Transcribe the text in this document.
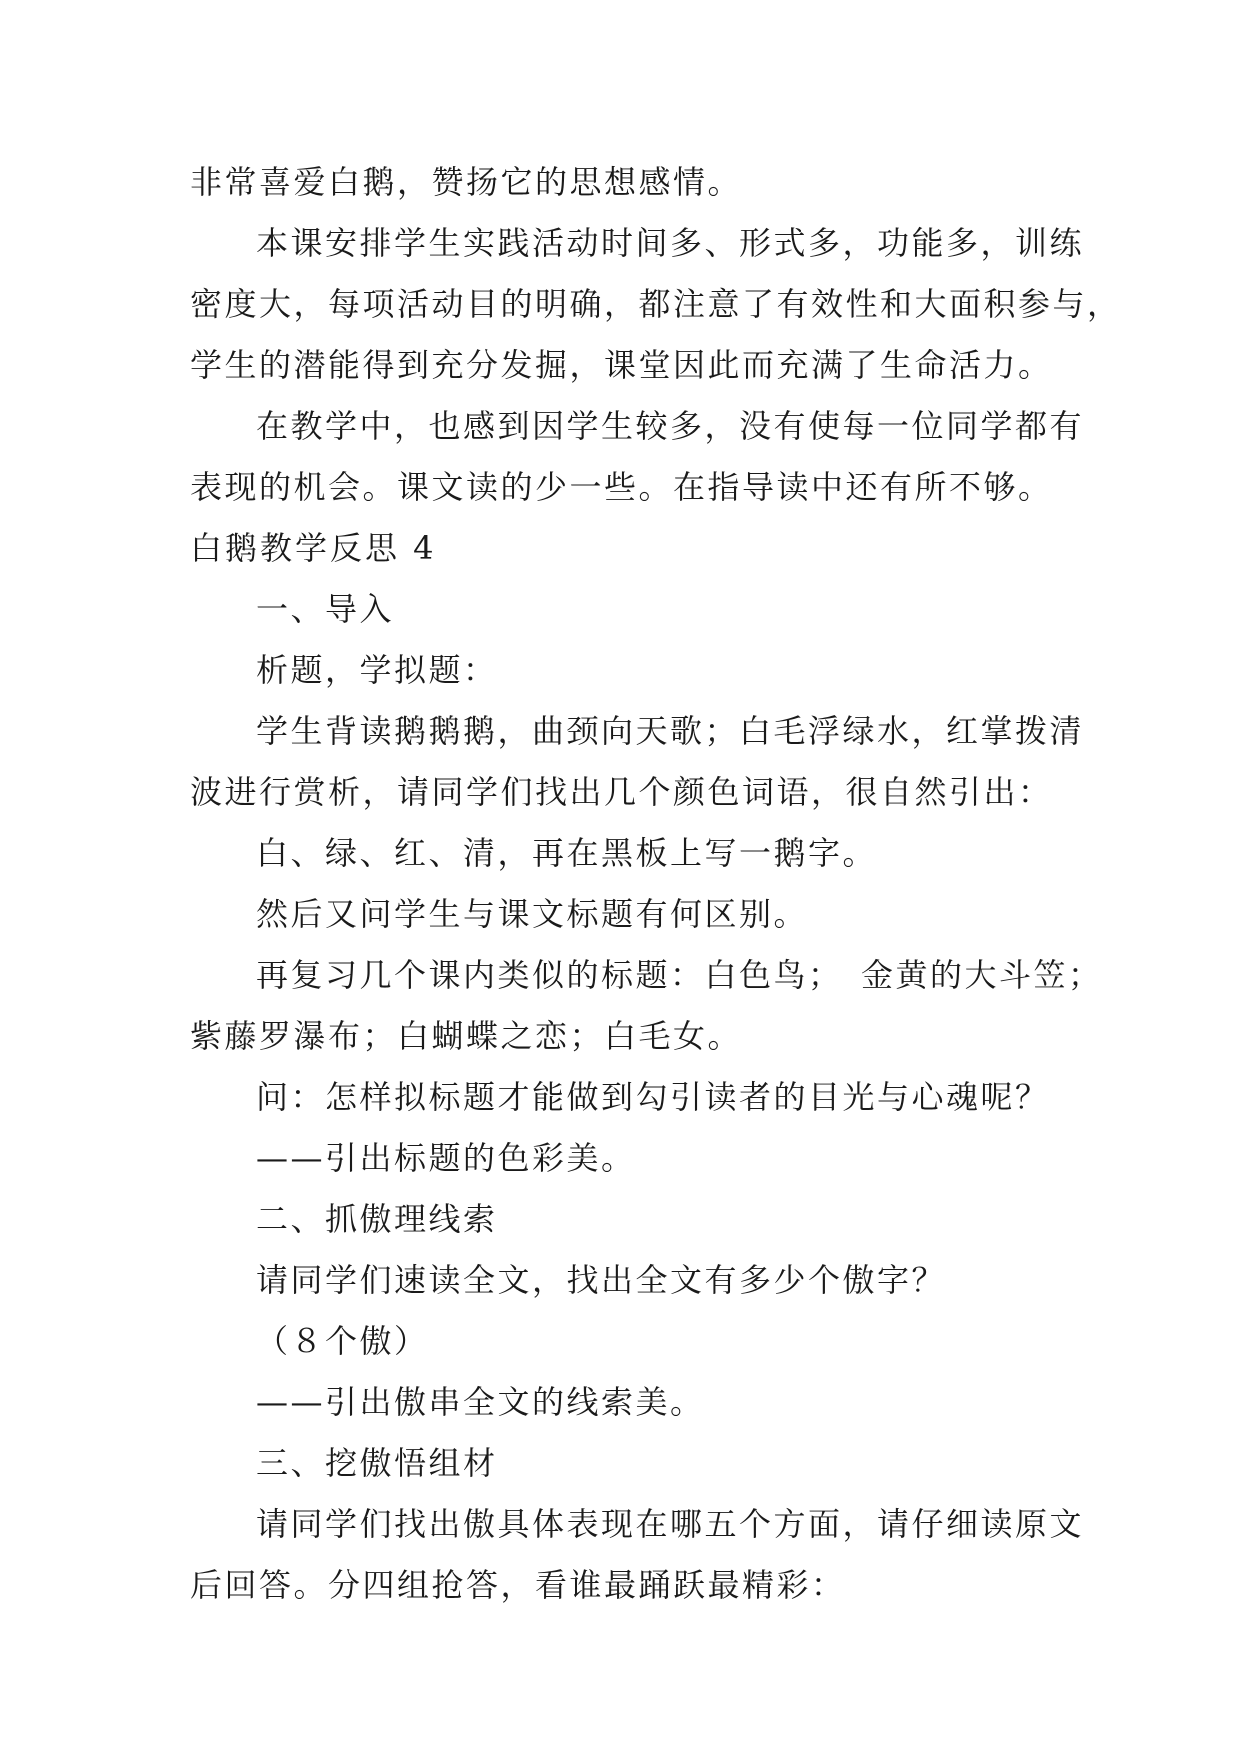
非常喜爱白鹅，赞扬它的思想感情。
本课安排学生实践活动时间多、形式多，功能多，训练
密度大，每项活动目的明确，都注意了有效性和大面积参与，
学生的潜能得到充分发掘，课堂因此而充满了生命活力。
在教学中，也感到因学生较多，没有使每一位同学都有
表现的机会。课文读的少一些。在指导读中还有所不够。
白鹅教学反思 4
一、导入
析题，学拟题：
学生背读鹅鹅鹅，曲颈向天歌；白毛浮绿水，红掌拨清
波进行赏析，请同学们找出几个颜色词语，很自然引出：
白、绿、红、清，再在黑板上写一鹅字。
然后又问学生与课文标题有何区别。
再复习几个课内类似的标题：白色鸟；　金黄的大斗笠；
紫藤罗瀑布；白蝴蝶之恋；白毛女。
问：怎样拟标题才能做到勾引读者的目光与心魂呢？
——引出标题的色彩美。
二、抓傲理线索
请同学们速读全文，找出全文有多少个傲字？
（８个傲）
——引出傲串全文的线索美。
三、挖傲悟组材
请同学们找出傲具体表现在哪五个方面，请仔细读原文
后回答。分四组抢答，看谁最踊跃最精彩：
